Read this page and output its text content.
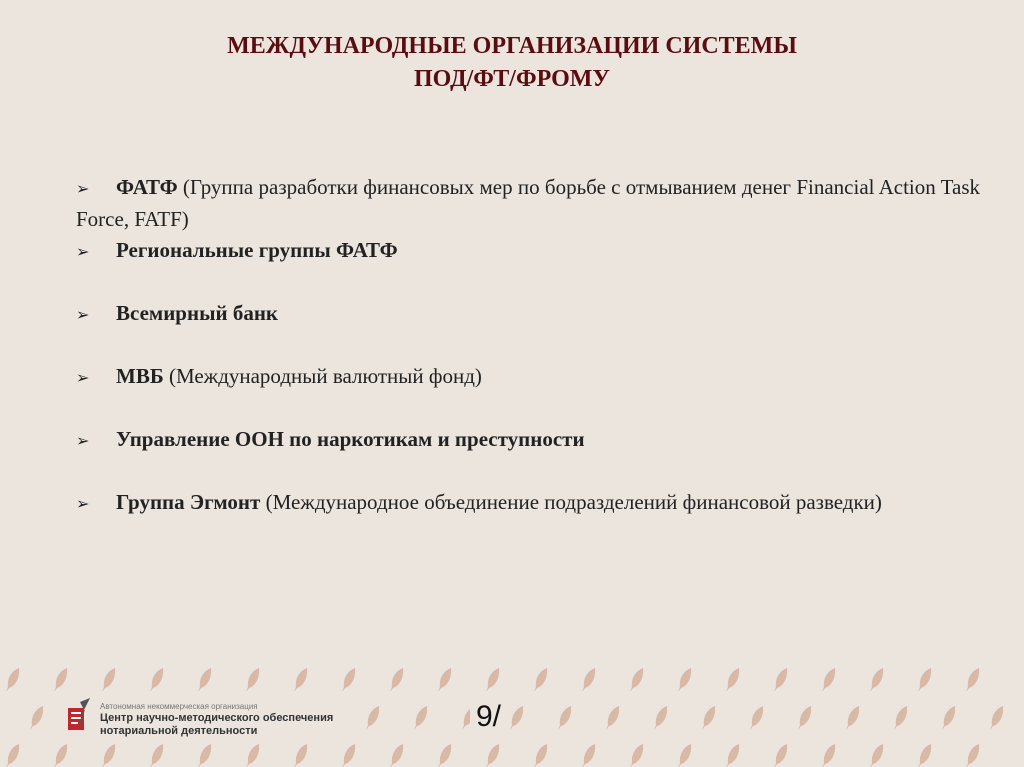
МЕЖДУНАРОДНЫЕ ОРГАНИЗАЦИИ СИСТЕМЫ
ПОД/ФТ/ФРОМУ

➢ ФАТФ (Группа разработки финансовых мер по борьбе с отмыванием денег Financial Action Task Force, FATF)

➢ Региональные группы ФАТФ

➢ Всемирный банк

➢ МВБ (Международный валютный фонд)

➢ Управление ООН по наркотикам и преступности

➢ Группа Эгмонт (Международное объединение подразделений финансовой разведки)

Автономная некоммерческая организация
Центр научно-методического обеспечения
нотариальной деятельности	9/
